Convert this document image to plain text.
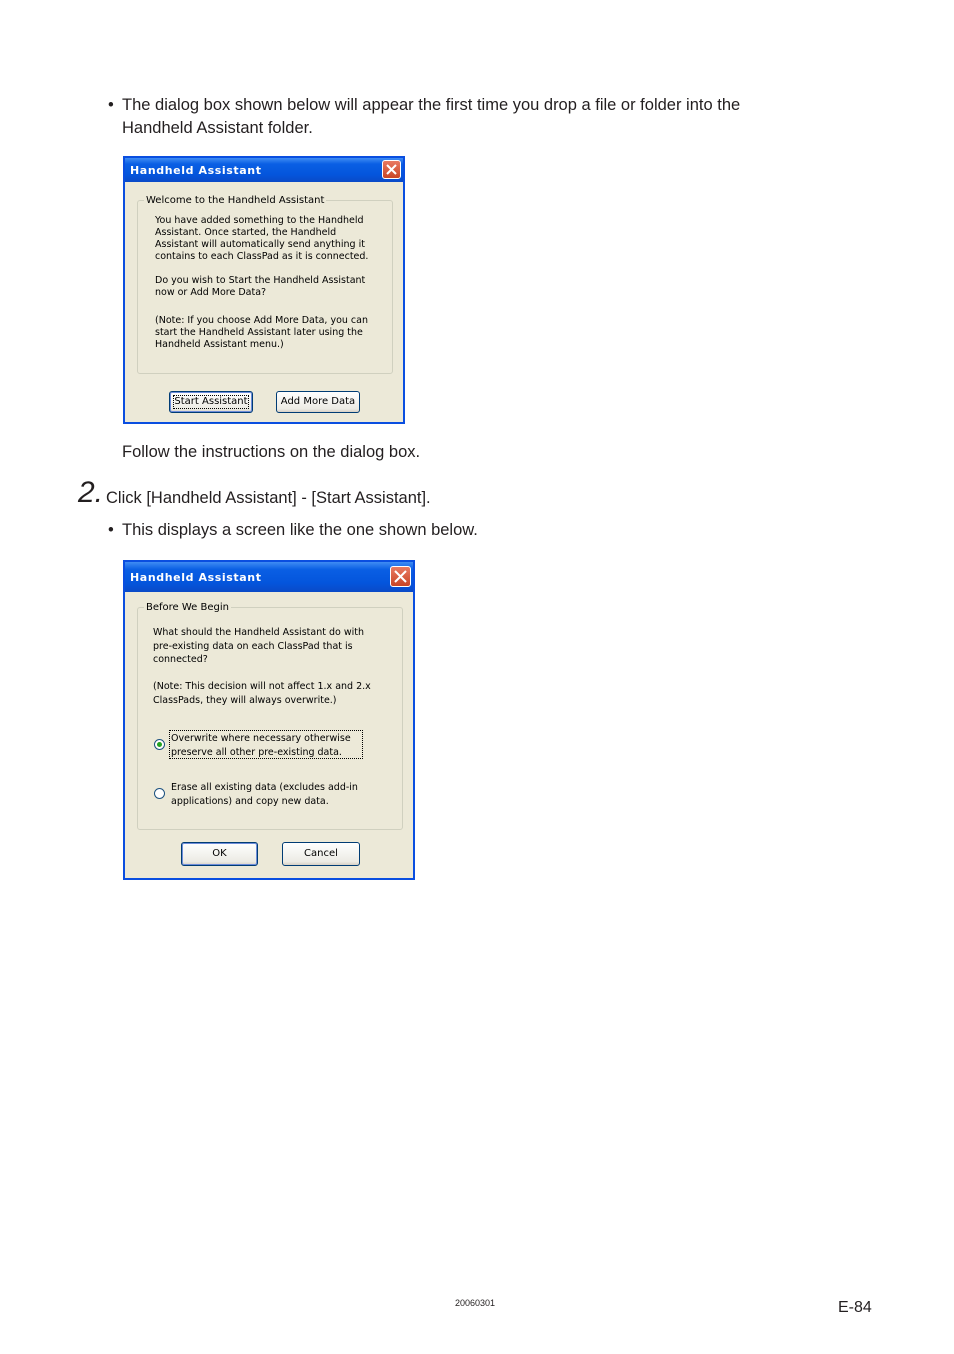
• The dialog box shown below will appear the first time you drop a file or folder into the
Handheld Assistant folder.
Handheld Assistant
Welcome to the Handheld Assistant
You have added something to the Handheld
Assistant. Once started, the Handheld
Assistant will automatically send anything it
contains to each ClassPad as it is connected.
Do you wish to Start the Handheld Assistant
now or Add More Data?
(Note: If you choose Add More Data, you can
start the Handheld Assistant later using the
Handheld Assistant menu.)
Start Assistant	Add More Data
Follow the instructions on the dialog box.
2. Click [Handheld Assistant] - [Start Assistant].
• This displays a screen like the one shown below.
Handheld Assistant
Before We Begin
What should the Handheld Assistant do with
pre-existing data on each ClassPad that is
connected?
(Note: This decision will not affect 1.x and 2.x
ClassPads, they will always overwrite.)
Overwrite where necessary otherwise
preserve all other pre-existing data.
Erase all existing data (excludes add-in
applications) and copy new data.
OK	Cancel
20060301	E-84
